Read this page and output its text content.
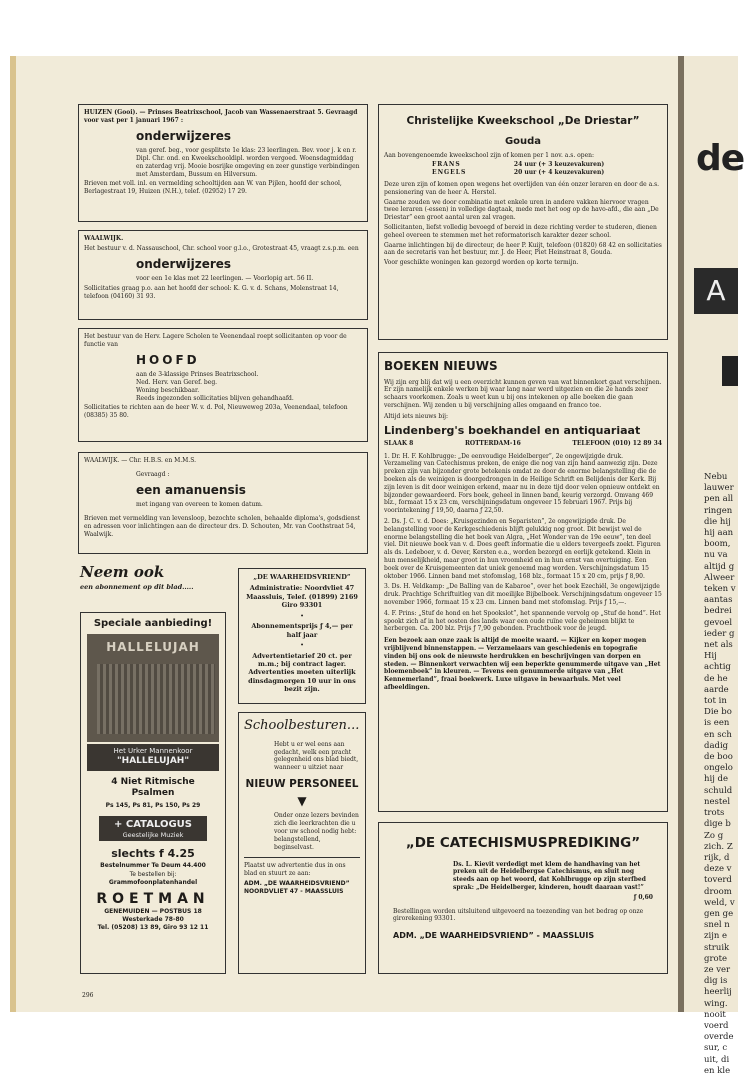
de
A
Nebu
lauwer
pen all
ringen
die hij
hij aan
boom,
nu va
altijd g
Alweer
teken v
aantas
bedrei
gevoel
ieder g
net als
Hij
achtig
de he
aarde
tot in
Die bo
is een
en sch
dadig
de boo
ongelo
hij de
schuld
nestel
trots
dige b
Zo g
zich. Z
rijk, d
deze v
toverd
droom
weld, v
gen ge
snel n
zijn e
struik
grote
ze ver
dig is
heerlij
wing.
nooit
voerd
overde
sur, c
uit, di
en kle

HUIZEN (Gooi). — Prinses Beatrixschool, Jacob van Wassenaerstraat 5. Gevraagd voor vast per 1 januari 1967 :

onderwijzeres

van geref. beg., voor gesplitste 1e klas: 23 leerlingen. Bev. voor j. k en r. Dipl. Chr. ond. en Kweekschooldipl. worden vergoed. Woensdagmiddag en zaterdag vrij. Mooie bosrijke omgeving en zeer gunstige verbindingen met Amsterdam, Bussum en Hilversum.

Brieven met voll. inl. en vermelding schooltijden aan W. van Pijlen, hoofd der school, Berlagestraat 19, Huizen (N.H.), telef. (02952) 17 29.

WAALWIJK.

Het bestuur v. d. Nassauschool, Chr. school voor g.l.o., Grotestraat 45, vraagt z.s.p.m. een

onderwijzeres

voor een 1e klas met 22 leerlingen. — Voorlopig art. 56 II.

Sollicitaties graag p.o. aan het hoofd der school: K. G. v. d. Schans, Molenstraat 14, telefoon (04160) 31 93.

Het bestuur van de Herv. Lagere Scholen te Veenendaal roept sollicitanten op voor de functie van

HOOFD

aan de 3-klassige Prinses Beatrixschool.

Ned. Herv. van Geref. beg.

Woning beschikbaar.

Reeds ingezonden sollicitaties blijven gehandhaafd.

Sollicitaties te richten aan de heer W. v. d. Pol, Nieuweweg 203a, Veenendaal, telefoon (08385) 35 80.

WAALWIJK. — Chr. H.B.S. en M.M.S.

Gevraagd :

een amanuensis

met ingang van overeen te komen datum.

Brieven met vermelding van levensloop, bezochte scholen, behaalde diploma's, godsdienst en adressen voor inlichtingen aan de directeur drs. D. Schouten, Mr. van Coothstraat 54, Waalwijk.

Neem ook
een abonnement op dit blad.....

„DE WAARHEIDSVRIEND”

Administratie: Noordvliet 47 Maassluis, Telef. (01899) 2169 Giro 93301

•

Abonnementsprijs ƒ 4,— per half jaar

•

Advertentietarief 20 ct. per m.m.; bij contract lager. Advertenties moeten uiterlijk dinsdagmorgen 10 uur in ons bezit zijn.

Speciale aanbieding!
HALLELUJAH
Het Urker Mannenkoor
"HALLELUJAH"
4 Niet Ritmische
Psalmen
Ps 145, Ps 81, Ps 150, Ps 29
+ CATALOGUS
Geestelijke Muziek
slechts f 4.25
Bestelnummer Te Deum 44.400
Te bestellen bij:
Grammofoonplatenhandel
ROETMAN
GENEMUIDEN — POSTBUS 18
Westerkade 78-80
Tel. (05208) 13 89, Giro 93 12 11
Schoolbesturen...

Hebt u er wel eens aan gedacht, welk een pracht gelegenheid ons blad biedt, wanneer u uitziet naar

NIEUW PERSONEEL
▼

Onder onze lezers bevinden zich die leerkrachten die u voor uw school nodig hebt: belangstellend, beginselvast.

Plaatst uw advertentie dus in ons blad en stuurt ze aan:

ADM. „DE WAARHEIDSVRIEND” NOORDVLIET 47 - MAASSLUIS

Christelijke Kweekschool „De Driestar”
Gouda

Aan bovengenoemde kweekschool zijn of komen per 1 nov. a.s. open:

FRANS	24 uur (+ 3 keuzevakuren)
ENGELS	20 uur (+ 4 keuzevakuren)

Deze uren zijn of komen open wegens het overlijden van één onzer leraren en door de a.s. pensionering van de heer A. Herstel.

Gaarne zouden we door combinatie met enkele uren in andere vakken hiervoor vragen twee leraren (-essen) in volledige dagtaak, mede met het oog op de havo-afd., die aan „De Driestar” een groot aantal uren zal vragen.

Sollicitanten, liefst volledig bevoegd of bereid in deze richting verder te studeren, dienen geheel overeen te stemmen met het reformatorisch karakter dezer school.

Gaarne inlichtingen bij de directeur, de heer P. Kuijt, telefoon (01820) 68 42 en sollicitaties aan de secretaris van het bestuur, mr. J. de Heer, Piet Heinstraat 8, Gouda.

Voor geschikte woningen kan gezorgd worden op korte termijn.

BOEKEN NIEUWS

Wij zijn erg blij dat wij u een overzicht kunnen geven van wat binnenkort gaat verschijnen. Er zijn namelijk enkele werken bij waar lang naar werd uitgezien en die 2e hands zeer schaars voorkomen. Zoals u weet kun u bij ons intekenen op alle boeken die gaan verschijnen. Wij zenden u bij verschijning alles omgaand en franco toe.

Altijd iets nieuws bij:

Lindenberg's boekhandel en antiquariaat
SLAAK 8	ROTTERDAM-16	TELEFOON (010) 12 89 34

1. Dr. H. F. Kohlbrugge: „De eenvoudige Heidelberger”, 2e ongewijzigde druk. Verzameling van Catechismus preken, de enige die nog van zijn hand aanwezig zijn. Deze preken zijn van bijzonder grote betekenis omdat ze door de enorme belangstelling die de boeken als de weinigen is doorgedrongen in de Heilige Schrift en Belijdenis der Kerk. Bij zijn leven is dit door weinigen erkend, maar nu in deze tijd door velen opnieuw ontdekt en bijzonder gewaardeerd. Fors boek, geheel in linnen band, keurig verzorgd. Omvang 469 blz., formaat 15 x 23 cm, verschijningsdatum ongeveer 15 februari 1967. Prijs bij voorintekening ƒ 19,50, daarna ƒ 22,50.

2. Ds. J. C. v. d. Does: „Kruisgezinden en Separisten”, 2e ongewijzigde druk. De belangstelling voor de Kerkgeschiedenis blijft gelukkig nog groot. Dit bewijst wel de enorme belangstelling die het boek van Algra, „Het Wonder van de 19e eeuw”, ten deel viel. Dit nieuwe boek van v. d. Does geeft informatie die u elders tevergeefs zoekt. Figuren als ds. Ledeboer, v. d. Oever, Kersten e.a., worden bezorgd en eerlijk getekend. Klein in hun menselijkheid, maar groot in hun vroomheid en in hun ernst van overtuiging. Een boek over de Kruisgemeenten dat uniek genoemd mag worden. Verschijningsdatum 15 oktober 1966. Linnen band met stofomslag, 168 blz., formaat 15 x 20 cm, prijs ƒ 8,90.

3. Ds. H. Veldkamp: „De Balling van de Kabaroe”, over het boek Ezechiël, 3e ongewijzigde druk. Prachtige Schriftuitleg van dit moeilijke Bijbelboek. Verschijningsdatum ongeveer 15 november 1966, formaat 15 x 23 cm. Linnen band met stofomslag. Prijs ƒ 15,—.

4. F. Prins: „Stuf de hond en het Spookslot”, het spannende vervolg op „Stuf de hond”. Het spookt zich af in het oosten des lands waar een oude ruïne vele geheimen blijkt te herbergen. Ca. 200 blz. Prijs ƒ 7,90 gebonden. Prachtboek voor de jeugd.

Een bezoek aan onze zaak is altijd de moeite waard. — Kijker en koper mogen vrijblijvend binnenstappen. — Verzamelaars van geschiedenis en topografie vinden bij ons ook de nieuwste herdrukken en beschrijvingen van dorpen en steden. — Binnenkort verwachten wij een beperkte genummerde uitgave van „Het bloemenboek” in kleuren. — Tevens een genummerde uitgave van „Het Kennemerland”, fraai boekwerk. Luxe uitgave in bewaarhuls. Met veel afbeeldingen.

„DE CATECHISMUSPREDIKING”

Ds. L. Kievit verdedigt met klem de handhaving van het preken uit de Heidelbergse Catechismus, en sluit nog steeds aan op het woord, dat Kohlbrugge op zijn sterfbed sprak: „De Heidelberger, kinderen, houdt daaraan vast!”

ƒ 0,60

Bestellingen worden uitsluitend uitgevoerd na toezending van het bedrag op onze girorekening 93301.

ADM. „DE WAARHEIDSVRIEND” - MAASSLUIS
296
